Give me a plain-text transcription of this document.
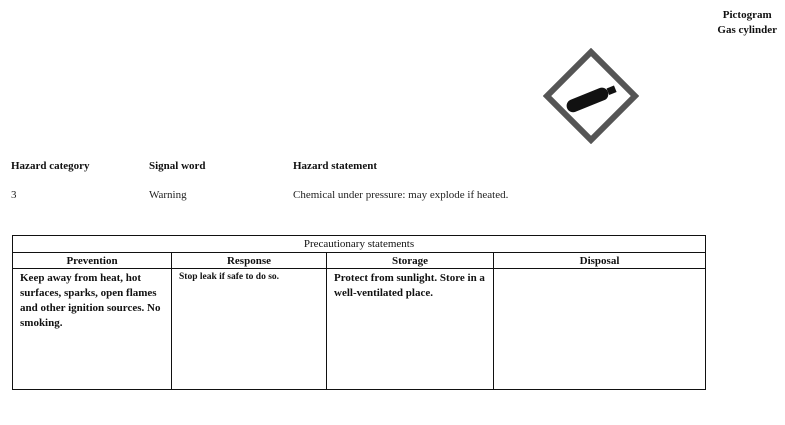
Pictogram
Gas cylinder
Hazard category	Signal word	Hazard statement
3	Warning	Chemical under pressure: may explode if heated.
Precautionary statements			
Prevention	Response	Storage	Disposal
Keep away from heat, hot surfaces, sparks, open flames and other ignition sources. No smoking.	Stop leak if safe to do so.	Protect from sunlight. Store in a well-ventilated place.	
